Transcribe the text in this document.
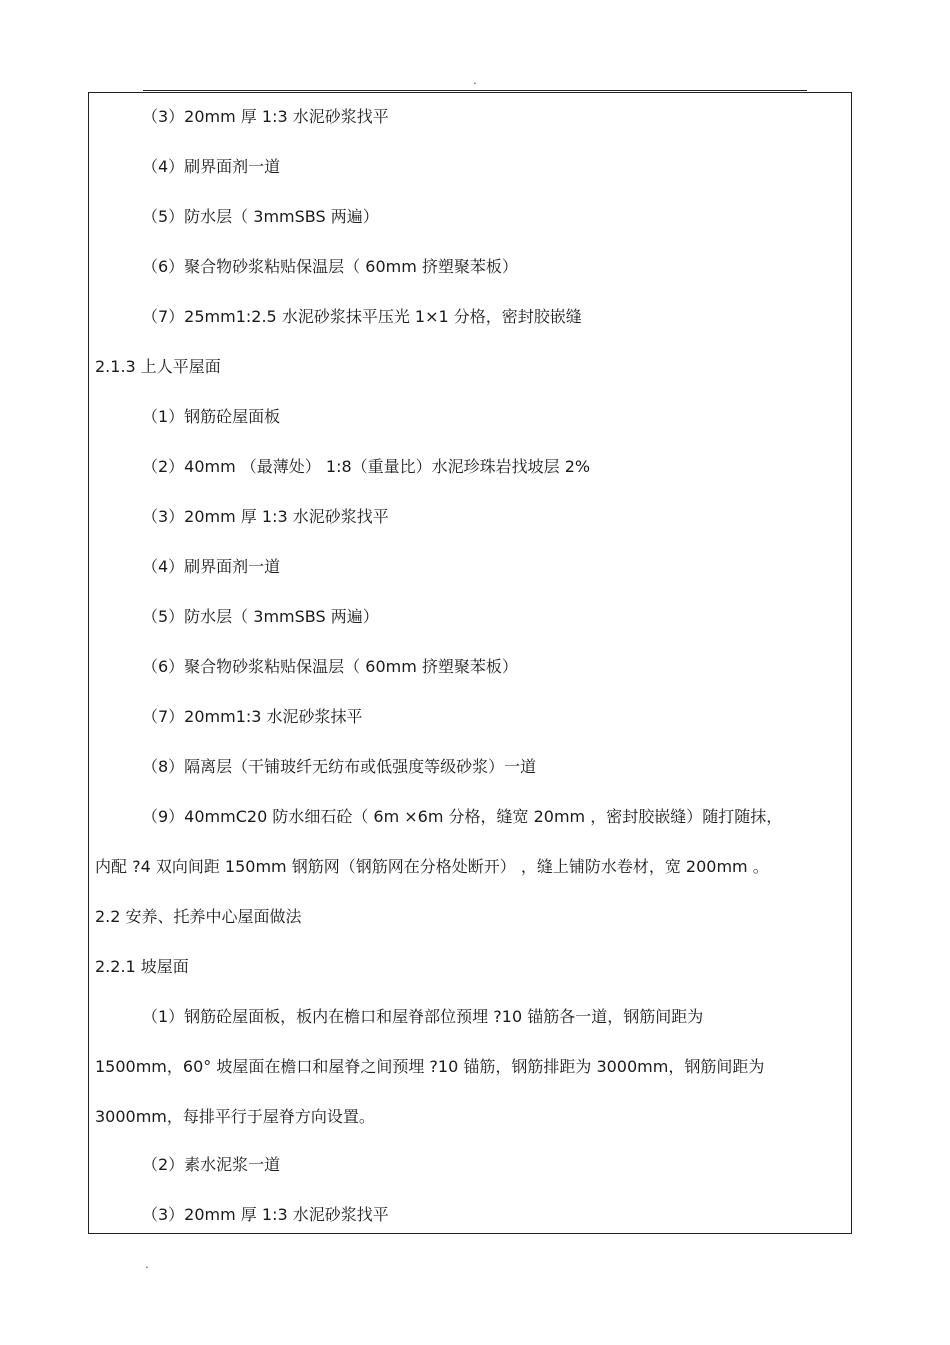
.
（3）20mm 厚 1:3 水泥砂浆找平
（4）刷界面剂一道
（5）防水层（ 3mmSBS 两遍）
（6）聚合物砂浆粘贴保温层（ 60mm 挤塑聚苯板）
（7）25mm1:2.5 水泥砂浆抹平压光 1×1 分格，密封胶嵌缝
2.1.3 上人平屋面
（1）钢筋砼屋面板
（2）40mm （最薄处） 1:8（重量比）水泥珍珠岩找坡层 2%
（3）20mm 厚 1:3 水泥砂浆找平
（4）刷界面剂一道
（5）防水层（ 3mmSBS 两遍）
（6）聚合物砂浆粘贴保温层（ 60mm 挤塑聚苯板）
（7）20mm1:3 水泥砂浆抹平
（8）隔离层（干铺玻纤无纺布或低强度等级砂浆）一道
（9）40mmC20 防水细石砼（ 6m ×6m 分格，缝宽 20mm ，密封胶嵌缝）随打随抹，
内配 ?4 双向间距 150mm 钢筋网（钢筋网在分格处断开） ，缝上铺防水卷材，宽 200mm 。
2.2 安养、托养中心屋面做法
2.2.1 坡屋面
（1）钢筋砼屋面板，板内在檐口和屋脊部位预埋 ?10 锚筋各一道，钢筋间距为
1500mm，60° 坡屋面在檐口和屋脊之间预埋 ?10 锚筋，钢筋排距为 3000mm，钢筋间距为
3000mm，每排平行于屋脊方向设置。
（2）素水泥浆一道
（3）20mm 厚 1:3 水泥砂浆找平
.
